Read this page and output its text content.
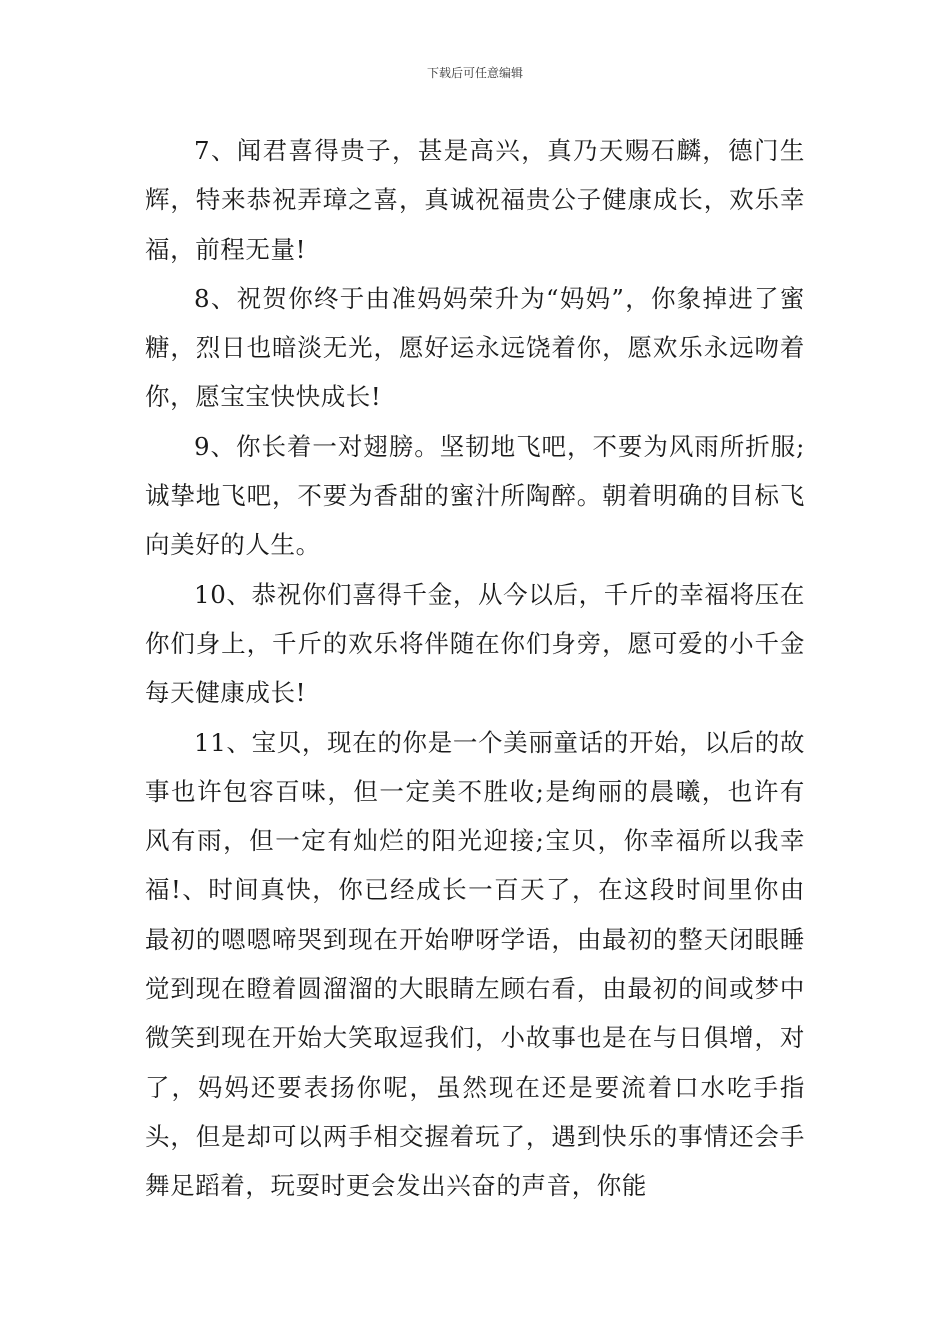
下载后可任意编辑

7、闻君喜得贵子，甚是高兴，真乃天赐石麟，德门生辉，特来恭祝弄璋之喜，真诚祝福贵公子健康成长，欢乐幸福，前程无量!

8、祝贺你终于由准妈妈荣升为“妈妈”，你象掉进了蜜糖，烈日也暗淡无光，愿好运永远饶着你，愿欢乐永远吻着你，愿宝宝快快成长!

9、你长着一对翅膀。坚韧地飞吧，不要为风雨所折服;诚挚地飞吧，不要为香甜的蜜汁所陶醉。朝着明确的目标飞向美好的人生。

10、恭祝你们喜得千金，从今以后，千斤的幸福将压在你们身上，千斤的欢乐将伴随在你们身旁，愿可爱的小千金每天健康成长!

11、宝贝，现在的你是一个美丽童话的开始，以后的故事也许包容百味，但一定美不胜收;是绚丽的晨曦，也许有风有雨，但一定有灿烂的阳光迎接;宝贝，你幸福所以我幸福!、时间真快，你已经成长一百天了，在这段时间里你由最初的嗯嗯啼哭到现在开始咿呀学语，由最初的整天闭眼睡觉到现在瞪着圆溜溜的大眼睛左顾右看，由最初的间或梦中微笑到现在开始大笑取逗我们，小故事也是在与日俱增，对了，妈妈还要表扬你呢，虽然现在还是要流着口水吃手指头，但是却可以两手相交握着玩了，遇到快乐的事情还会手舞足蹈着，玩耍时更会发出兴奋的声音，你能
